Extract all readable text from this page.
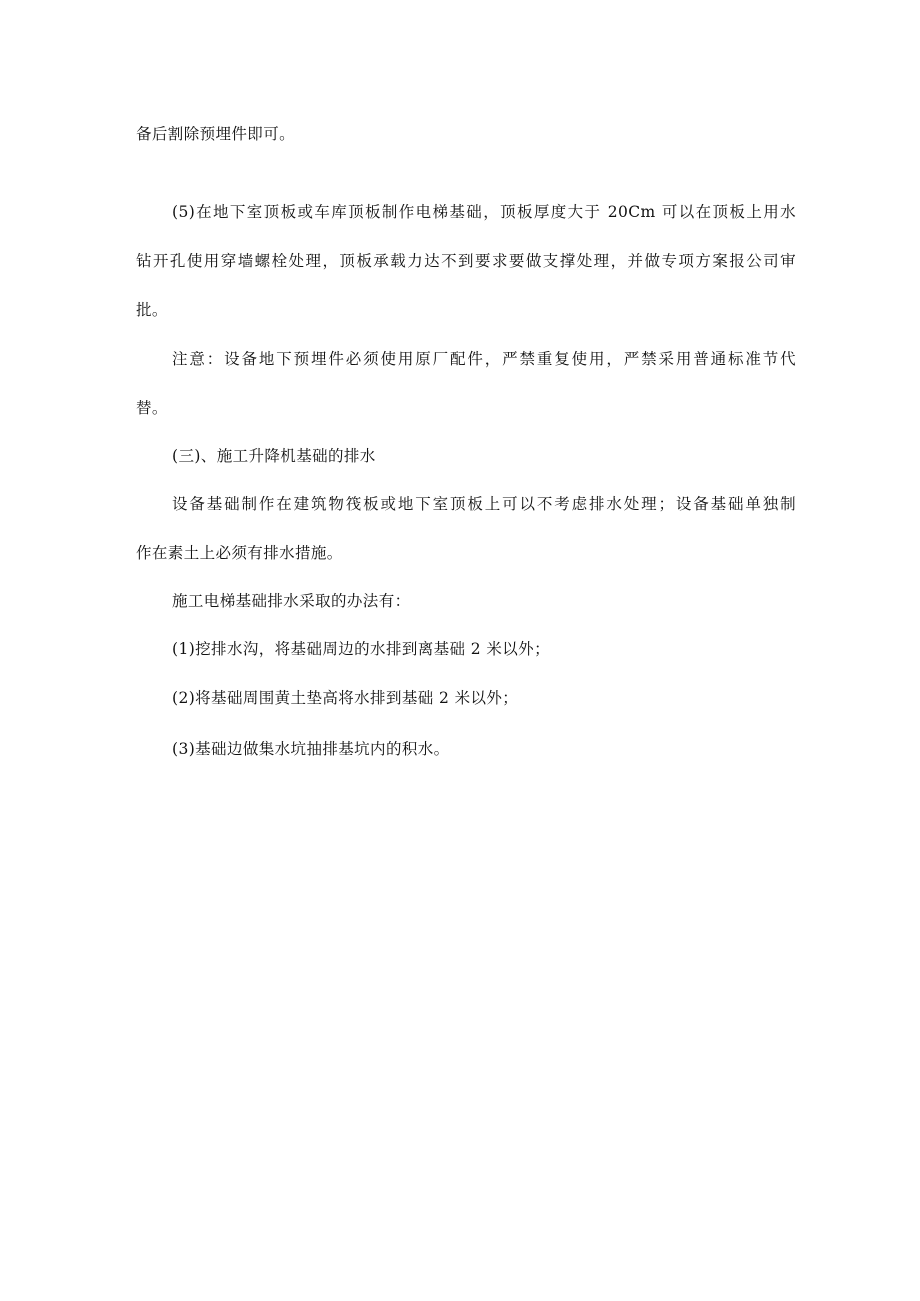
备后割除预埋件即可。
(5)在地下室顶板或车库顶板制作电梯基础，顶板厚度大于 20Cm 可以在顶板上用水
钻开孔使用穿墙螺栓处理，顶板承载力达不到要求要做支撑处理，并做专项方案报公司审
批。
注意：设备地下预埋件必须使用原厂配件，严禁重复使用，严禁采用普通标准节代
替。
(三)、施工升降机基础的排水
设备基础制作在建筑物筏板或地下室顶板上可以不考虑排水处理；设备基础单独制
作在素土上必须有排水措施。
施工电梯基础排水采取的办法有：
(1)挖排水沟，将基础周边的水排到离基础 2 米以外；
(2)将基础周围黄土垫高将水排到基础 2 米以外；
(3)基础边做集水坑抽排基坑内的积水。
